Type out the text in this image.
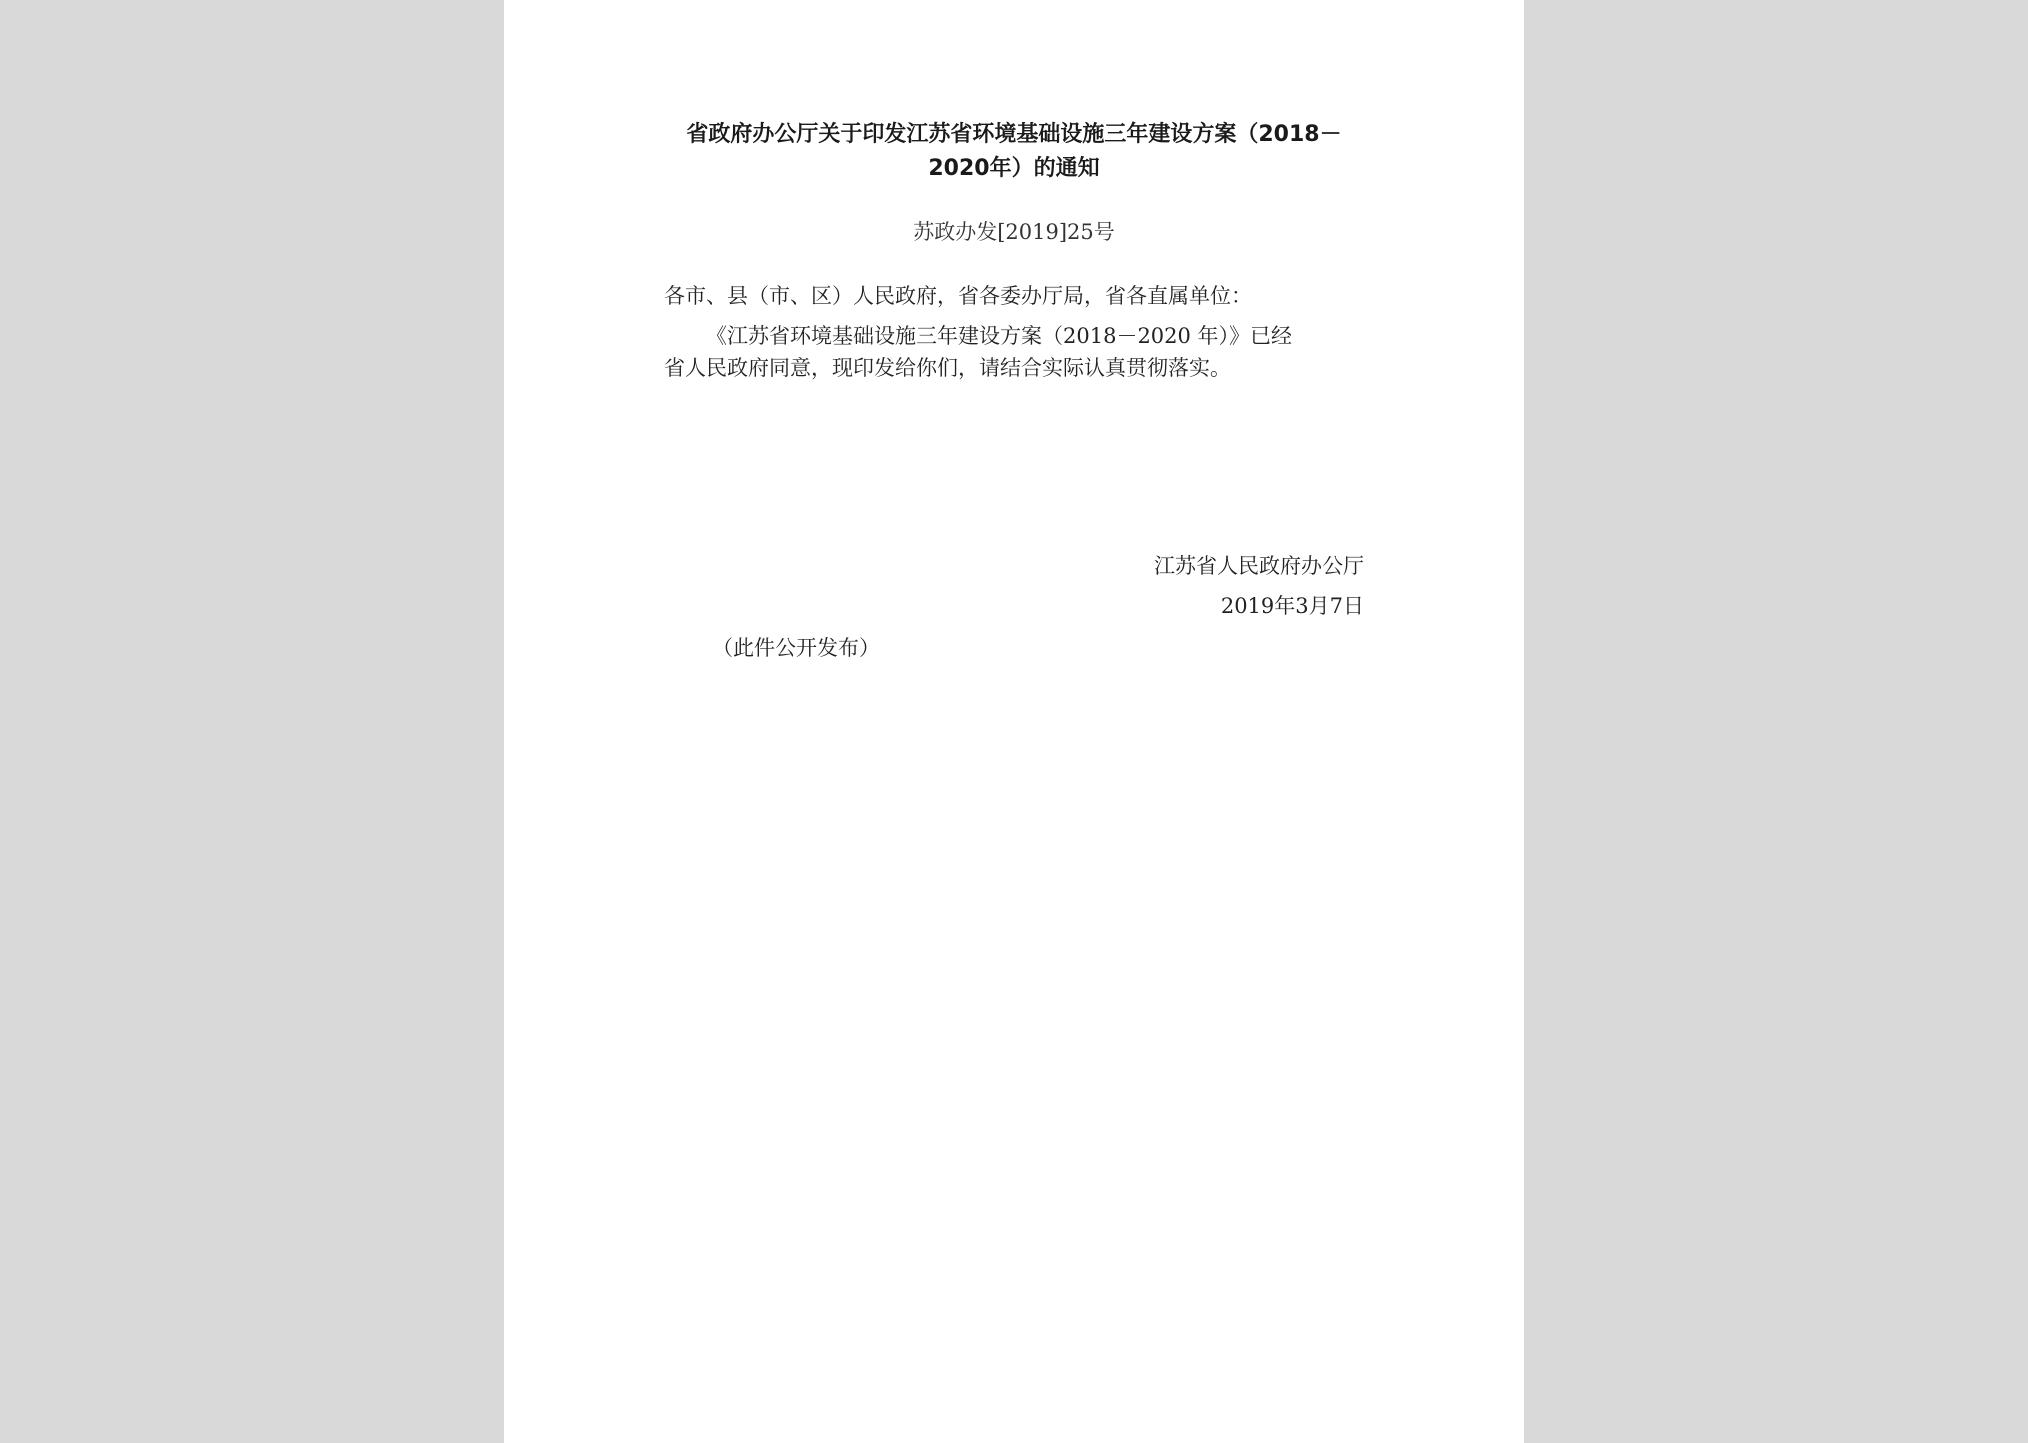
省政府办公厅关于印发江苏省环境基础设施三年建设方案（2018－
2020年）的通知
苏政办发[2019]25号
各市、县（市、区）人民政府，省各委办厅局，省各直属单位：
《江苏省环境基础设施三年建设方案（2018－2020 年）》已经
省人民政府同意，现印发给你们，请结合实际认真贯彻落实。
江苏省人民政府办公厅
2019年3月7日
（此件公开发布）
